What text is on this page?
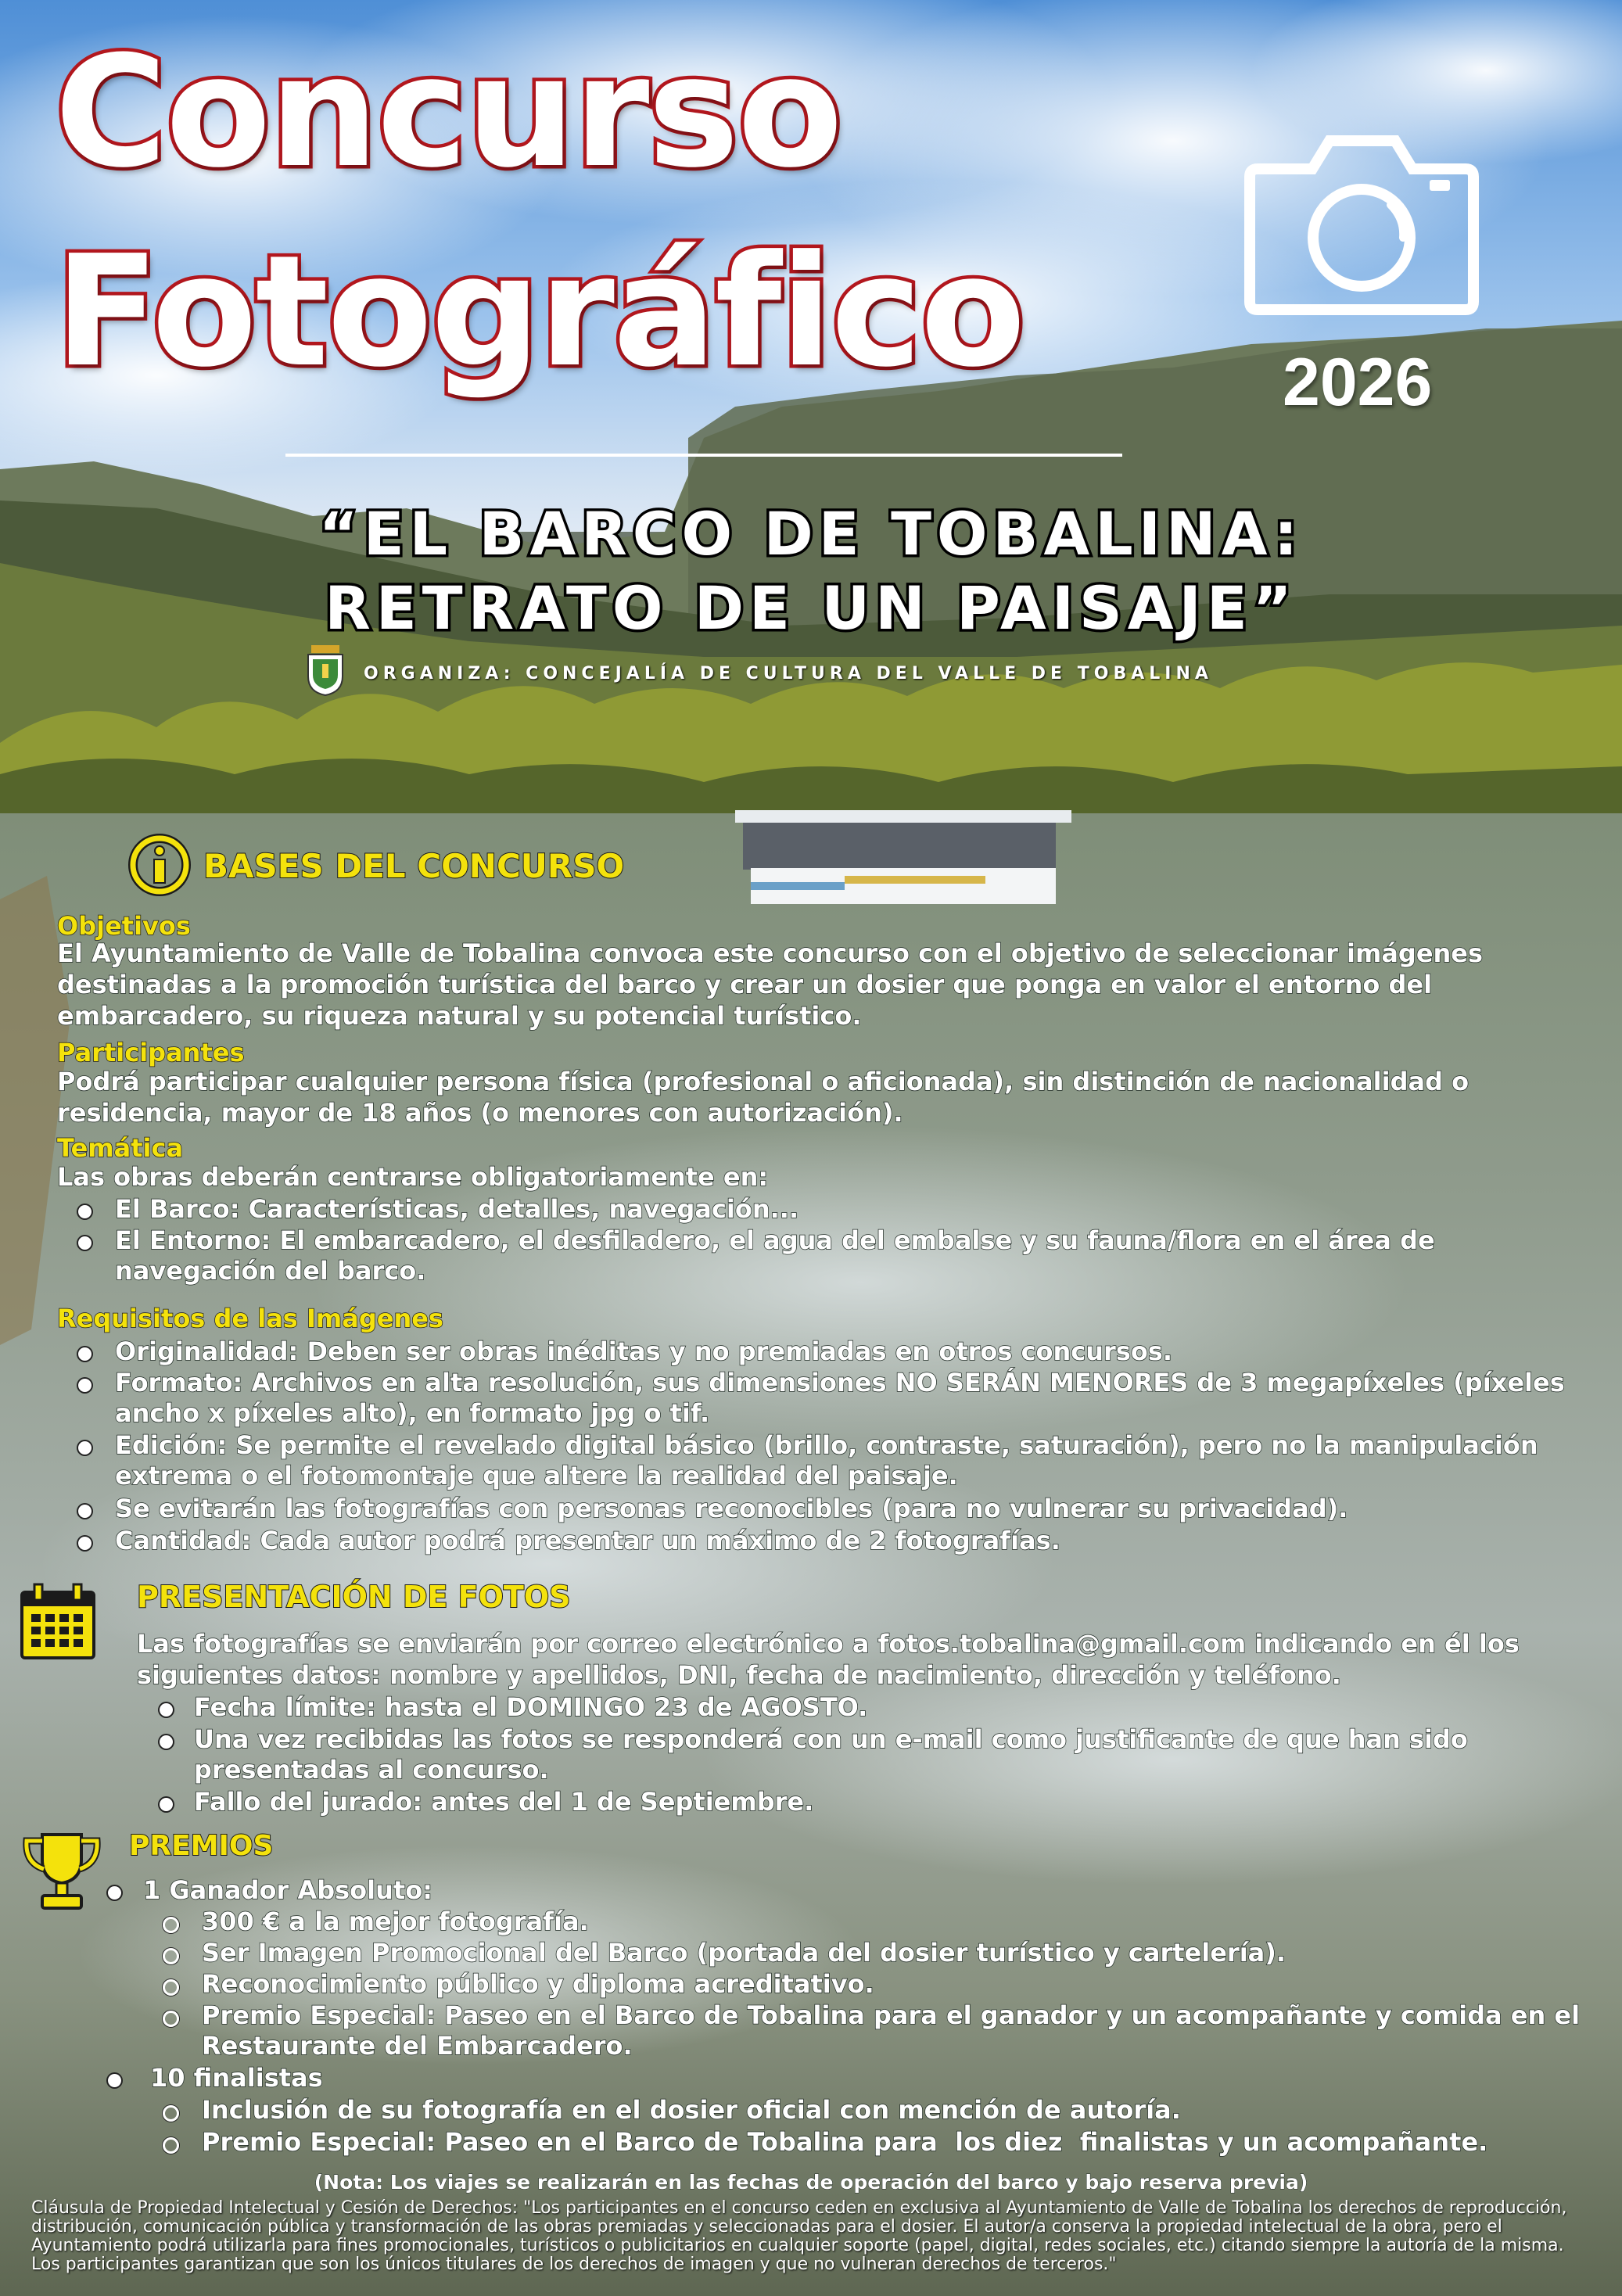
Concurso
Fotográfico	2026
“EL BARCO DE TOBALINA:
RETRATO DE UN PAISAJE”
ORGANIZA: CONCEJALÍA DE CULTURA DEL VALLE DE TOBALINA
BASES DEL CONCURSO
Objetivos
El Ayuntamiento de Valle de Tobalina convoca este concurso con el objetivo de seleccionar imágenes
destinadas a la promoción turística del barco y crear un dosier que ponga en valor el entorno del
embarcadero, su riqueza natural y su potencial turístico.
Participantes
Podrá participar cualquier persona física (profesional o aficionada), sin distinción de nacionalidad o
residencia, mayor de 18 años (o menores con autorización).
Temática
Las obras deberán centrarse obligatoriamente en:
El Barco: Características, detalles, navegación...
El Entorno: El embarcadero, el desfiladero, el agua del embalse y su fauna/flora en el área de
navegación del barco.
Requisitos de las Imágenes
Originalidad: Deben ser obras inéditas y no premiadas en otros concursos.
Formato: Archivos en alta resolución, sus dimensiones NO SERÁN MENORES de 3 megapíxeles (píxeles
ancho x píxeles alto), en formato jpg o tif.
Edición: Se permite el revelado digital básico (brillo, contraste, saturación), pero no la manipulación
extrema o el fotomontaje que altere la realidad del paisaje.
Se evitarán las fotografías con personas reconocibles (para no vulnerar su privacidad).
Cantidad: Cada autor podrá presentar un máximo de 2 fotografías.
PRESENTACIÓN DE FOTOS
Las fotografías se enviarán por correo electrónico a fotos.tobalina@gmail.com indicando en él los
siguientes datos: nombre y apellidos, DNI, fecha de nacimiento, dirección y teléfono.
Fecha límite: hasta el DOMINGO 23 de AGOSTO.
Una vez recibidas las fotos se responderá con un e-mail como justificante de que han sido
presentadas al concurso.
Fallo del jurado: antes del 1 de Septiembre.
PREMIOS
1 Ganador Absoluto:
300 € a la mejor fotografía.
Ser Imagen Promocional del Barco (portada del dosier turístico y cartelería).
Reconocimiento público y diploma acreditativo.
Premio Especial: Paseo en el Barco de Tobalina para el ganador y un acompañante y comida en el
Restaurante del Embarcadero.
10 finalistas
Inclusión de su fotografía en el dosier oficial con mención de autoría.
Premio Especial: Paseo en el Barco de Tobalina para  los diez  finalistas y un acompañante.
(Nota: Los viajes se realizarán en las fechas de operación del barco y bajo reserva previa)
Cláusula de Propiedad Intelectual y Cesión de Derechos: "Los participantes en el concurso ceden en exclusiva al Ayuntamiento de Valle de Tobalina los derechos de reproducción, distribución, comunicación pública y transformación de las obras premiadas y seleccionadas para el dosier. El autor/a conserva la propiedad intelectual de la obra, pero el Ayuntamiento podrá utilizarla para fines promocionales, turísticos o publicitarios en cualquier soporte (papel, digital, redes sociales, etc.) citando siempre la autoría de la misma. Los participantes garantizan que son los únicos titulares de los derechos de imagen y que no vulneran derechos de terceros."
